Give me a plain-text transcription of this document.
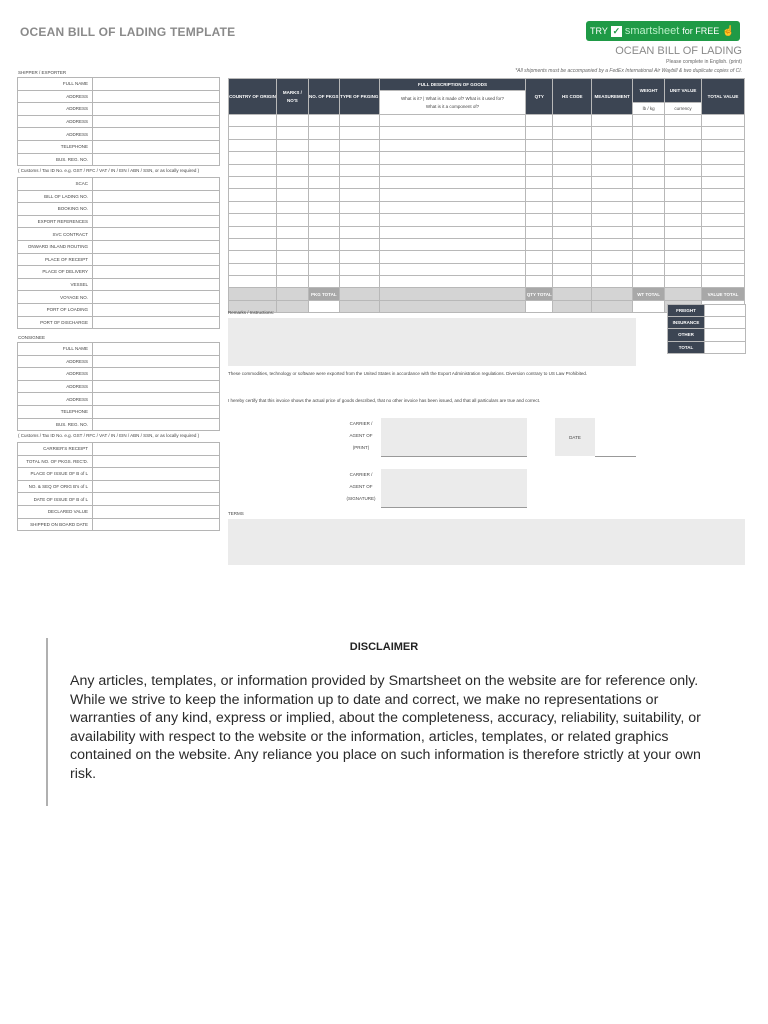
OCEAN BILL OF LADING TEMPLATE	TRY ✓ smartsheet for FREE ☝
OCEAN BILL OF LADING
Please complete in English. (print)
*All shipments must be accompanied by a FedEx International Air Waybill & two duplicate copies of CI.
SHIPPER / EXPORTER
FULL NAME	
ADDRESS	
ADDRESS	
ADDRESS	
ADDRESS	
TELEPHONE	
BUS. REG. NO.	
( Customs / Tax ID No. e.g. GST / RFC / VAT / IN / EIN / ABN / SSN, or as locally required )
SCAC	
BILL OF LADING NO.	
BOOKING NO.	
EXPORT REFERENCES	
SVC CONTRACT	
ONWARD INLAND ROUTING	
PLACE OF RECEIPT	
PLACE OF DELIVERY	
VESSEL	
VOYAGE NO.	
PORT OF LOADING	
PORT OF DISCHARGE	
CONSIGNEE
FULL NAME	
ADDRESS	
ADDRESS	
ADDRESS	
ADDRESS	
TELEPHONE	
BUS. REG. NO.	
( Customs / Tax ID No. e.g. GST / RFC / VAT / IN / EIN / ABN / SSN, or as locally required )
CARRIER'S RECEIPT	
TOTAL NO. OF PKGS. REC'D.	
PLACE OF ISSUE OF B of L	
NO. & SEQ OF ORIG B's of L	
DATE OF ISSUE OF B of L	
DECLARED VALUE	
SHIPPED ON BOARD DATE	
COUNTRY OF ORIGIN	MARKS / NO'S	NO. OF PKGS	TYPE OF PKGING	FULL DESCRIPTION OF GOODS	QTY	HS CODE	MEASUREMENT	WEIGHT	UNIT VALUE	TOTAL VALUE

				What is it? | What is it made of? What is it used for?
What is it a component of?						

								lb / kg	currency	

		PKG TOTAL			QTY TOTAL			WT TOTAL		VALUE TOTAL

Remarks / Instructions:	FREIGHT	
INSURANCE	
OTHER	
TOTAL	
These commodities, technology or software were exported from the United States in accordance with the Export Administration regulations. Diversion contrary to US Law Prohibited.
I hereby certify that this invoice shows the actual price of goods described, that no other invoice has been issued, and that all particulars are true and correct.
CARRIER /
AGENT OF
(PRINT)
DATE
CARRIER /
AGENT OF
(SIGNATURE)
TERMS
DISCLAIMER
Any articles, templates, or information provided by Smartsheet on the website are for reference only. While we strive to keep the information up to date and correct, we make no representations or warranties of any kind, express or implied, about the completeness, accuracy, reliability, suitability, or availability with respect to the website or the information, articles, templates, or related graphics contained on the website. Any reliance you place on such information is therefore strictly at your own risk.
